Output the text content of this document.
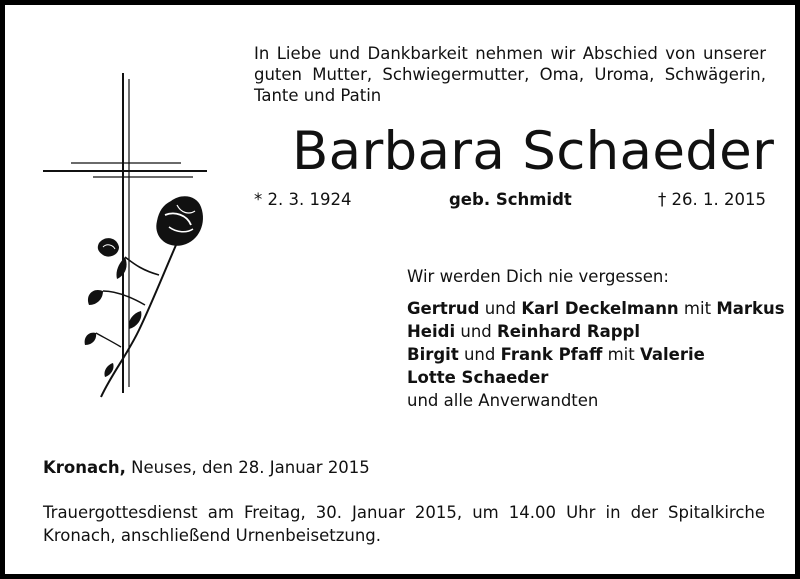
In Liebe und Dankbarkeit nehmen wir Abschied von unserer guten Mutter, Schwiegermutter, Oma, Uroma, Schwägerin, Tante und Patin
Barbara Schaeder
* 2. 3. 1924	geb. Schmidt	† 26. 1. 2015
Wir werden Dich nie vergessen:
Gertrud und Karl Deckelmann mit Markus
Heidi und Reinhard Rappl
Birgit und Frank Pfaff mit Valerie
Lotte Schaeder
und alle Anverwandten
Kronach, Neuses, den 28. Januar 2015
Trauergottesdienst am Freitag, 30. Januar 2015, um 14.00 Uhr in der Spitalkirche Kronach, anschließend Urnenbeisetzung.
